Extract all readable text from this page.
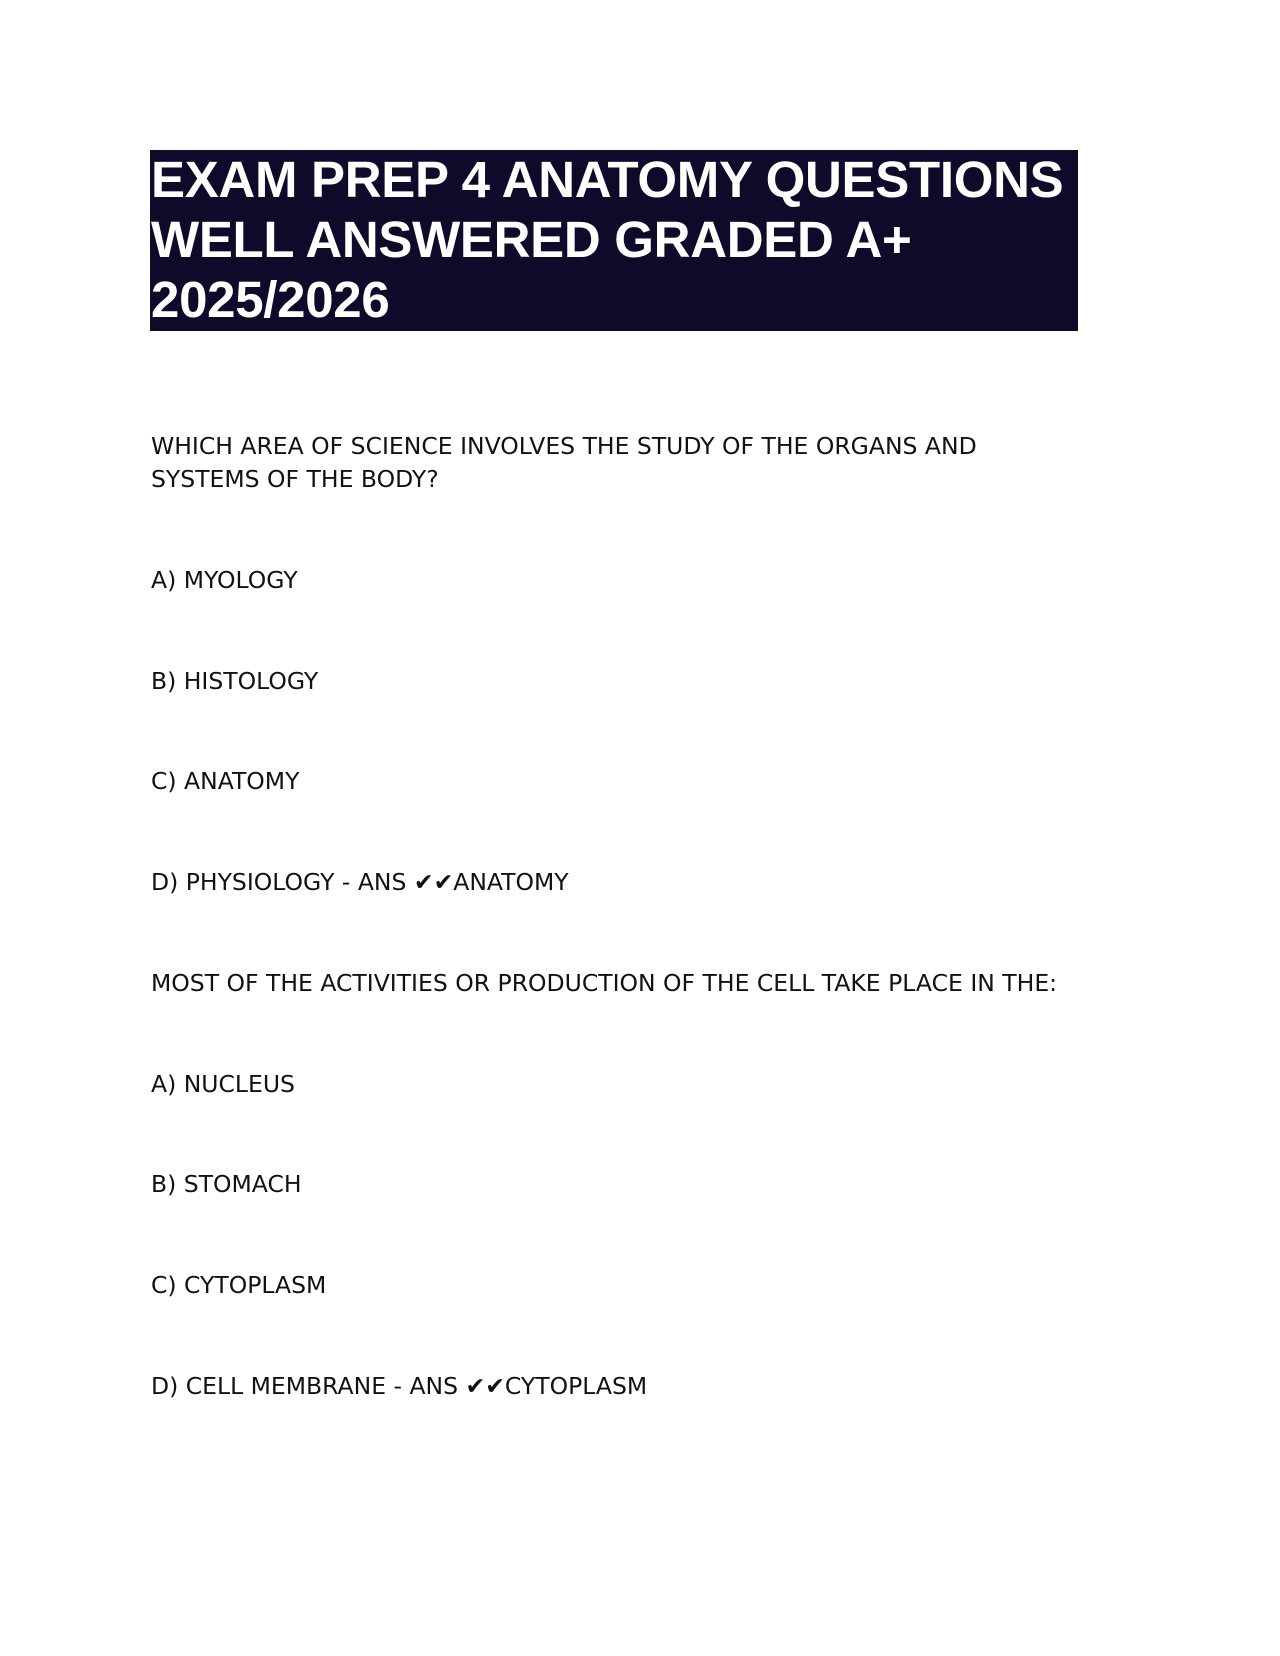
EXAM PREP 4 ANATOMY QUESTIONS

WELL ANSWERED GRADED A+

2025/2026

WHICH AREA OF SCIENCE INVOLVES THE STUDY OF THE ORGANS AND

SYSTEMS OF THE BODY?

A) MYOLOGY

B) HISTOLOGY

C) ANATOMY

D) PHYSIOLOGY - ANS ✔✔ANATOMY

MOST OF THE ACTIVITIES OR PRODUCTION OF THE CELL TAKE PLACE IN THE:

A) NUCLEUS

B) STOMACH

C) CYTOPLASM

D) CELL MEMBRANE - ANS ✔✔CYTOPLASM
